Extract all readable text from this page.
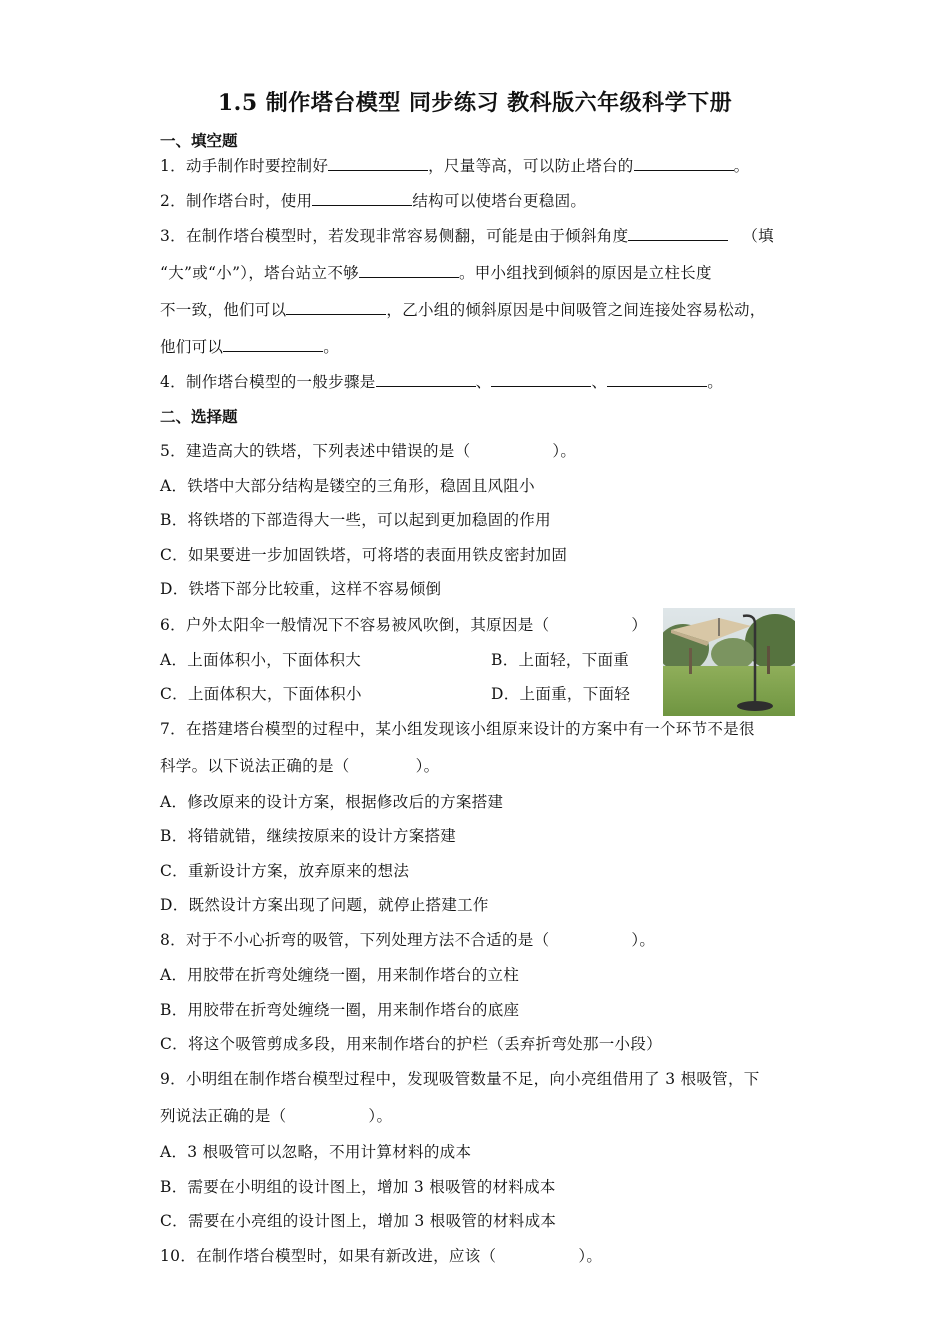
1.5 制作塔台模型 同步练习 教科版六年级科学下册
一、填空题
1．动手制作时要控制好	，尺量等高，可以防止塔台的	。
2．制作塔台时，使用	结构可以使塔台更稳固。
3．在制作塔台模型时，若发现非常容易侧翻，可能是由于倾斜角度	（填
“大”或“小”），塔台站立不够	。甲小组找到倾斜的原因是立柱长度
不一致，他们可以	，乙小组的倾斜原因是中间吸管之间连接处容易松动，
他们可以	。
4．制作塔台模型的一般步骤是	、	、	。
二、选择题
5．建造高大的铁塔，下列表述中错误的是（	）。
A．铁塔中大部分结构是镂空的三角形，稳固且风阻小
B．将铁塔的下部造得大一些，可以起到更加稳固的作用
C．如果要进一步加固铁塔，可将塔的表面用铁皮密封加固
D．铁塔下部分比较重，这样不容易倾倒
6．户外太阳伞一般情况下不容易被风吹倒，其原因是（	）
A．上面体积小，下面体积大	B．上面轻，下面重
C．上面体积大，下面体积小	D．上面重，下面轻
7．在搭建塔台模型的过程中，某小组发现该小组原来设计的方案中有一个环节不是很
科学。以下说法正确的是（	）。
A．修改原来的设计方案，根据修改后的方案搭建
B．将错就错，继续按原来的设计方案搭建
C．重新设计方案，放弃原来的想法
D．既然设计方案出现了问题，就停止搭建工作
8．对于不小心折弯的吸管，下列处理方法不合适的是（	）。
A．用胶带在折弯处缠绕一圈，用来制作塔台的立柱
B．用胶带在折弯处缠绕一圈，用来制作塔台的底座
C．将这个吸管剪成多段，用来制作塔台的护栏（丢弃折弯处那一小段）
9．小明组在制作塔台模型过程中，发现吸管数量不足，向小亮组借用了 3 根吸管，下
列说法正确的是（	）。
A．3 根吸管可以忽略，不用计算材料的成本
B．需要在小明组的设计图上，增加 3 根吸管的材料成本
C．需要在小亮组的设计图上，增加 3 根吸管的材料成本
10．在制作塔台模型时，如果有新改进，应该（	）。
